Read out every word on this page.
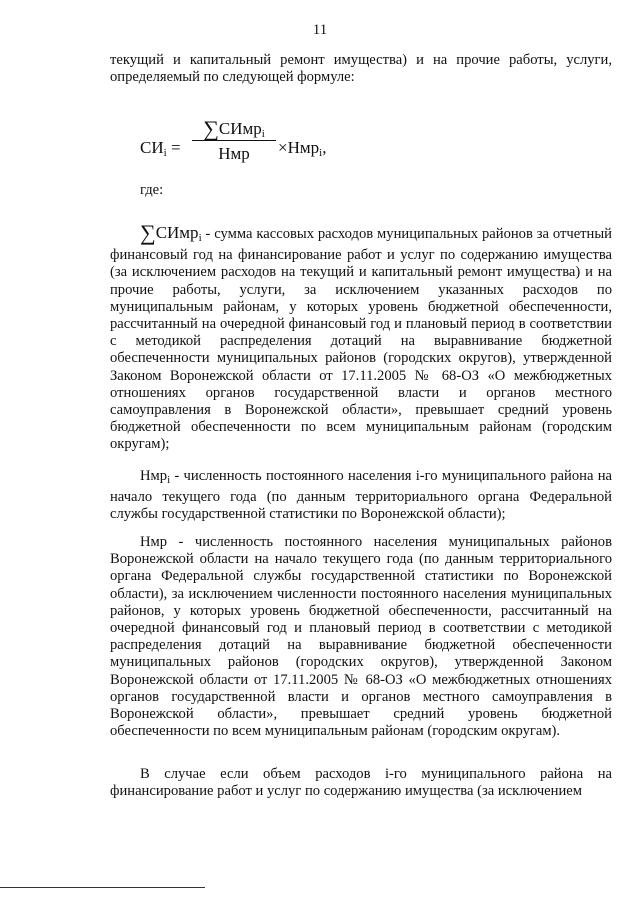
11

текущий и капитальный ремонт имущества) и на прочие работы, услуги, определяемый по следующей формуле:

$СИ_i$ =
∑СИмр$_i$
Нмр	×Нмр$_i$,
где:

∑СИмр$_i$ - сумма кассовых расходов муниципальных районов за отчетный финансовый год на финансирование работ и услуг по содержанию имущества (за исключением расходов на текущий и капитальный ремонт имущества) и на прочие работы, услуги, за исключением указанных расходов по муниципальным районам, у которых уровень бюджетной обеспеченности, рассчитанный на очередной финансовый год и плановый период в соответствии с методикой распределения дотаций на выравнивание бюджетной обеспеченности муниципальных районов (городских округов), утвержденной Законом Воронежской области от 17.11.2005 № 68-ОЗ «О межбюджетных отношениях органов государственной власти и органов местного самоуправления в Воронежской области», превышает средний уровень бюджетной обеспеченности по всем муниципальным районам (городским округам);

Нмр$_i$ - численность постоянного населения i-го муниципального района на начало текущего года (по данным территориального органа Федеральной службы государственной статистики по Воронежской области);

Нмр - численность постоянного населения муниципальных районов Воронежской области на начало текущего года (по данным территориального органа Федеральной службы государственной статистики по Воронежской области), за исключением численности постоянного населения муниципальных районов, у которых уровень бюджетной обеспеченности, рассчитанный на очередной финансовый год и плановый период в соответствии с методикой распределения дотаций на выравнивание бюджетной обеспеченности муниципальных районов (городских округов), утвержденной Законом Воронежской области от 17.11.2005 № 68-ОЗ «О межбюджетных отношениях органов государственной власти и органов местного самоуправления в Воронежской области», превышает средний уровень бюджетной обеспеченности по всем муниципальным районам (городским округам).

В случае если объем расходов i-го муниципального района на финансирование работ и услуг по содержанию имущества (за исключением
